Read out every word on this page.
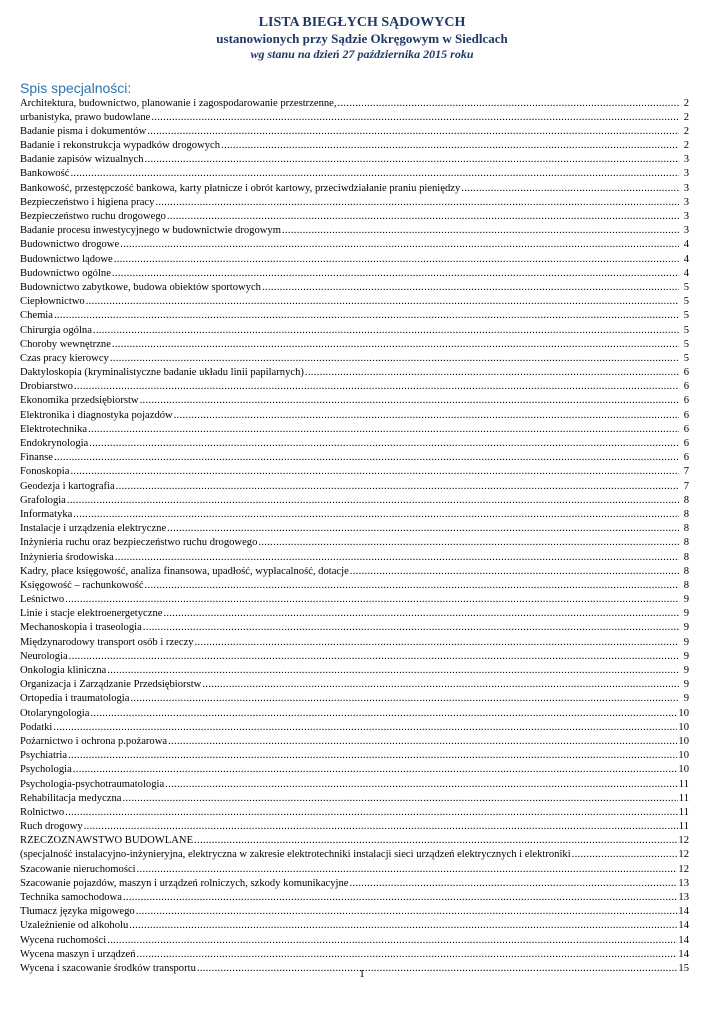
LISTA BIEGŁYCH SĄDOWYCH
ustanowionych przy Sądzie Okręgowym w Siedlcach
wg stanu na dzień 27 października 2015 roku
Spis specjalności:
Architektura, budownictwo, planowanie i zagospodarowanie przestrzenne, .....	2
urbanistyka, prawo budowlane .....	2
Badanie pisma i dokumentów .....	2
Badanie i rekonstrukcja wypadków drogowych .....	2
Badanie zapisów wizualnych .....	3
Bankowość .....	3
Bankowość, przestępczość bankowa, karty płatnicze i obrót kartowy, przeciwdziałanie praniu pieniędzy .....	3
Bezpieczeństwo i higiena pracy .....	3
Bezpieczeństwo ruchu drogowego .....	3
Badanie procesu inwestycyjnego w budownictwie drogowym .....	3
Budownictwo drogowe .....	4
Budownictwo lądowe .....	4
Budownictwo ogólne .....	4
Budownictwo zabytkowe, budowa obiektów sportowych .....	5
Ciepłownictwo .....	5
Chemia .....	5
Chirurgia ogólna .....	5
Choroby wewnętrzne .....	5
Czas pracy kierowcy .....	5
Daktyloskopia (kryminalistyczne badanie układu linii papilarnych) .....	6
Drobiarstwo .....	6
Ekonomika przedsiębiorstw .....	6
Elektronika i diagnostyka pojazdów .....	6
Elektrotechnika .....	6
Endokrynologia .....	6
Finanse .....	6
Fonoskopia .....	7
Geodezja i kartografia .....	7
Grafologia .....	8
Informatyka .....	8
Instalacje i urządzenia elektryczne .....	8
Inżynieria ruchu oraz bezpieczeństwo ruchu drogowego .....	8
Inżynieria środowiska .....	8
Kadry, płace księgowość, analiza finansowa, upadłość, wypłacalność, dotacje .....	8
Księgowość – rachunkowość .....	8
Leśnictwo .....	9
Linie i stacje elektroenergetyczne .....	9
Mechanoskopia i traseologia .....	9
Międzynarodowy transport osób i rzeczy .....	9
Neurologia .....	9
Onkologia kliniczna .....	9
Organizacja i Zarządzanie Przedsiębiorstw .....	9
Ortopedia i traumatologia .....	9
Otolaryngologia .....	10
Podatki .....	10
Pożarnictwo i ochrona p.pożarowa .....	10
Psychiatria .....	10
Psychologia .....	10
Psychologia-psychotraumatologia .....	11
Rehabilitacja medyczna .....	11
Rolnictwo .....	11
Ruch drogowy .....	11
RZECZOZNAWSTWO BUDOWLANE .....	12
(specjalność instalacyjno-inżynieryjna, elektryczna w zakresie elektrotechniki instalacji sieci urządzeń elektrycznych i elektroniki .....	12
Szacowanie nieruchomości .....	12
Szacowanie pojazdów, maszyn i urządzeń rolniczych, szkody komunikacyjne .....	13
Technika samochodowa .....	13
Tłumacz języka migowego .....	14
Uzależnienie od alkoholu .....	14
Wycena ruchomości .....	14
Wycena maszyn i urządzeń .....	14
Wycena i szacowanie środków transportu .....	15
1
